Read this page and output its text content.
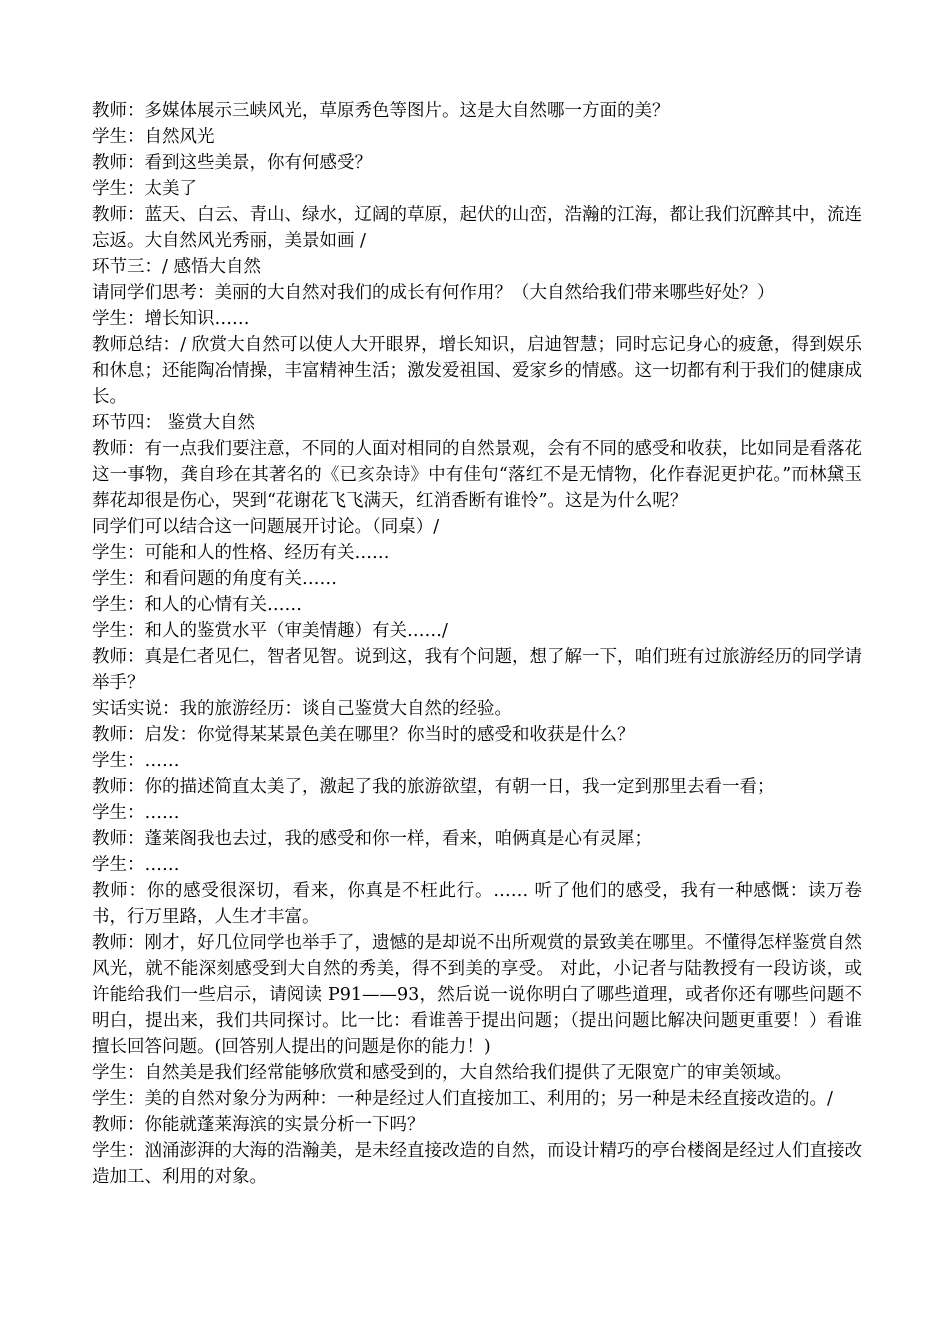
教师：多媒体展示三峡风光，草原秀色等图片。这是大自然哪一方面的美？

学生：自然风光

教师：看到这些美景，你有何感受？

学生：太美了

教师：蓝天、白云、青山、绿水，辽阔的草原，起伏的山峦，浩瀚的江海，都让我们沉醉其中，流连忘返。大自然风光秀丽，美景如画 /

环节三：/ 感悟大自然

请同学们思考：美丽的大自然对我们的成长有何作用？（大自然给我们带来哪些好处？）

学生：增长知识……

教师总结：/ 欣赏大自然可以使人大开眼界，增长知识，启迪智慧；同时忘记身心的疲惫，得到娱乐和休息；还能陶冶情操，丰富精神生活；激发爱祖国、爱家乡的情感。这一切都有利于我们的健康成长。

环节四： 鉴赏大自然

教师：有一点我们要注意，不同的人面对相同的自然景观，会有不同的感受和收获，比如同是看落花这一事物，龚自珍在其著名的《已亥杂诗》中有佳句“落红不是无情物，化作春泥更护花。”而林黛玉葬花却很是伤心，哭到“花谢花飞飞满天，红消香断有谁怜”。这是为什么呢？

同学们可以结合这一问题展开讨论。（同桌）/

学生：可能和人的性格、经历有关……

学生：和看问题的角度有关……

学生：和人的心情有关……

学生：和人的鉴赏水平（审美情趣）有关……/

教师：真是仁者见仁，智者见智。说到这，我有个问题，想了解一下，咱们班有过旅游经历的同学请举手？

实话实说：我的旅游经历：谈自己鉴赏大自然的经验。

教师：启发：你觉得某某景色美在哪里？你当时的感受和收获是什么？

学生：……

教师：你的描述简直太美了，激起了我的旅游欲望，有朝一日，我一定到那里去看一看；

学生：……

教师：蓬莱阁我也去过，我的感受和你一样，看来，咱俩真是心有灵犀；

学生：……

教师：你的感受很深切，看来，你真是不枉此行。…… 听了他们的感受，我有一种感慨：读万卷书，行万里路，人生才丰富。

教师：刚才，好几位同学也举手了，遗憾的是却说不出所观赏的景致美在哪里。不懂得怎样鉴赏自然风光，就不能深刻感受到大自然的秀美，得不到美的享受。 对此，小记者与陆教授有一段访谈，或许能给我们一些启示，请阅读 P91——93，然后说一说你明白了哪些道理，或者你还有哪些问题不明白，提出来，我们共同探讨。比一比：看谁善于提出问题；（提出问题比解决问题更重要！）看谁擅长回答问题。(回答别人提出的问题是你的能力！)

学生：自然美是我们经常能够欣赏和感受到的，大自然给我们提供了无限宽广的审美领域。

学生：美的自然对象分为两种：一种是经过人们直接加工、利用的；另一种是未经直接改造的。/

教师：你能就蓬莱海滨的实景分析一下吗？

学生：汹涌澎湃的大海的浩瀚美，是未经直接改造的自然，而设计精巧的亭台楼阁是经过人们直接改造加工、利用的对象。
